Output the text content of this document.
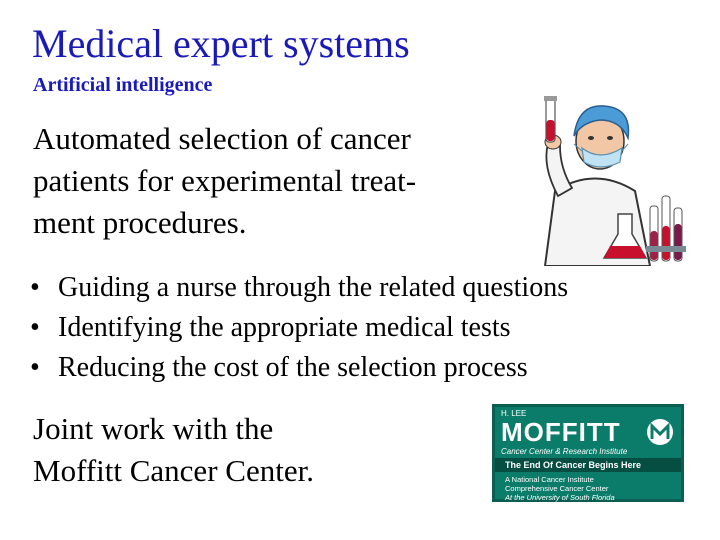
Medical expert systems
Artificial intelligence
Automated selection of cancer
patients for experimental treat-
ment procedures.
• Guiding a nurse through the related questions
• Identifying the appropriate medical tests
• Reducing the cost of the selection process
Joint work with the
Moffitt Cancer Center.
H. LEE
MOFFITT
Cancer Center & Research Institute
The End Of Cancer Begins Here
A National Cancer Institute
Comprehensive Cancer Center
At the University of South Florida
